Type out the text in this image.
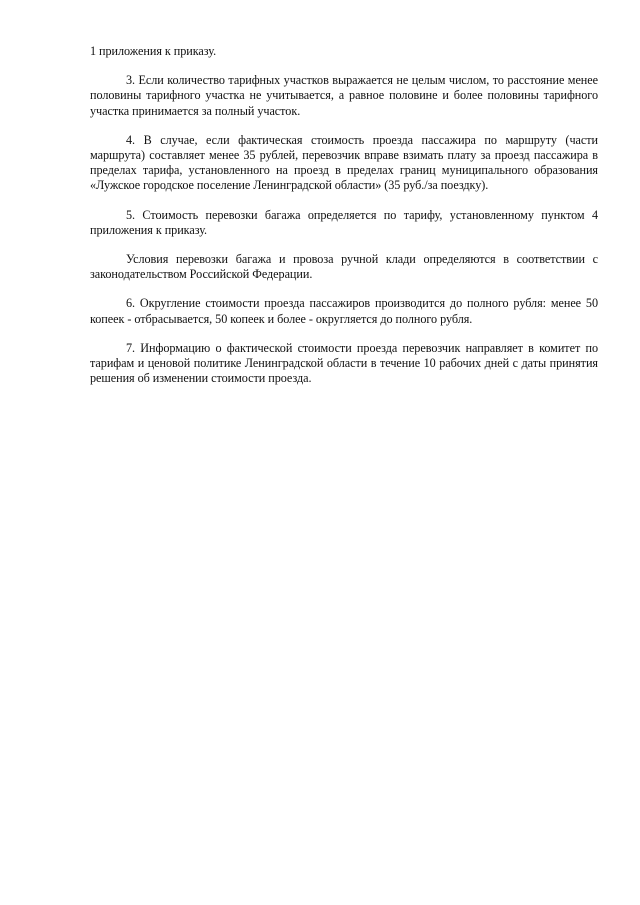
1 приложения к приказу.

3. Если количество тарифных участков выражается не целым числом, то расстояние менее половины тарифного участка не учитывается, а равное половине и более половины тарифного участка принимается за полный участок.

4. В случае, если фактическая стоимость проезда пассажира по маршруту (части маршрута) составляет менее 35 рублей, перевозчик вправе взимать плату за проезд пассажира в пределах тарифа, установленного на проезд в пределах границ муниципального образования «Лужское городское поселение Ленинградской области» (35 руб./за поездку).

5. Стоимость перевозки багажа определяется по тарифу, установленному пунктом 4 приложения к приказу.

Условия перевозки багажа и провоза ручной клади определяются в соответствии с законодательством Российской Федерации.

6. Округление стоимости проезда пассажиров производится до полного рубля: менее 50 копеек - отбрасывается, 50 копеек и более - округляется до полного рубля.

7. Информацию о фактической стоимости проезда перевозчик направляет в комитет по тарифам и ценовой политике Ленинградской области в течение 10 рабочих дней с даты принятия решения об изменении стоимости проезда.
